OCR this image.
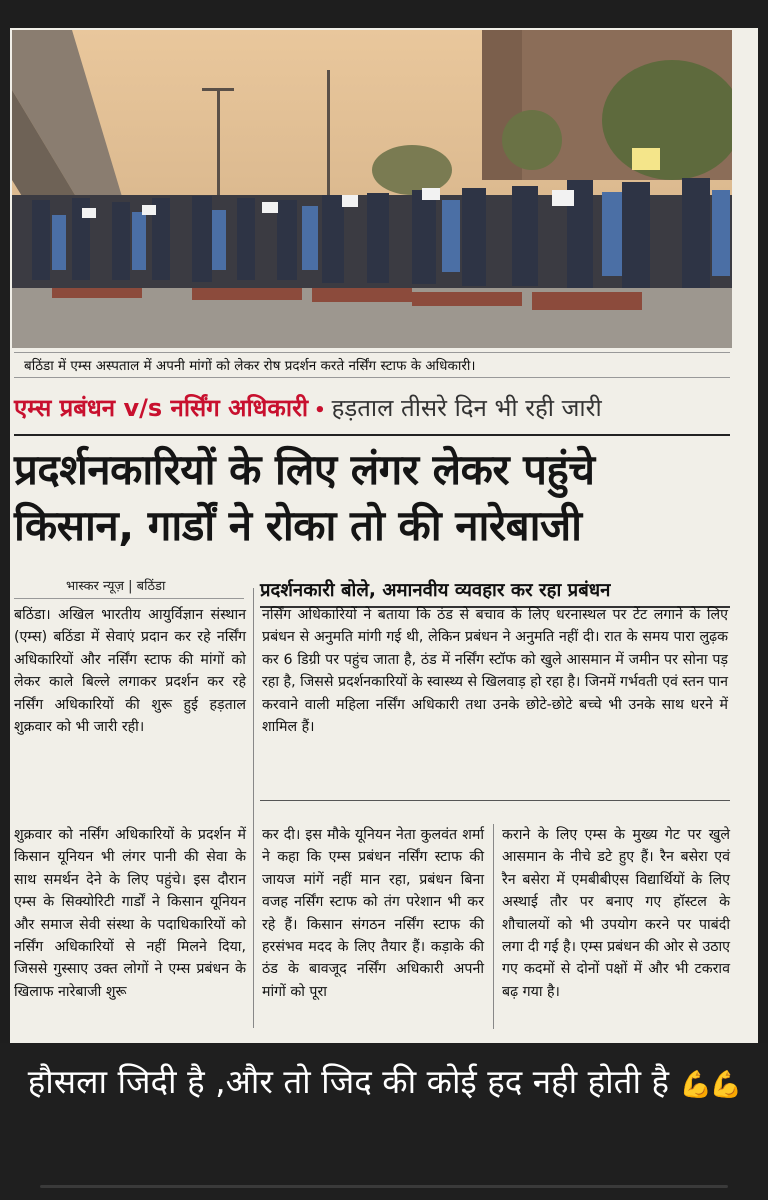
बठिंडा में एम्स अस्पताल में अपनी मांगों को लेकर रोष प्रदर्शन करते नर्सिंग स्टाफ के अधिकारी।
एम्स प्रबंधन v/s नर्सिंग अधिकारी • हड़ताल तीसरे दिन भी रही जारी
प्रदर्शनकारियों के लिए लंगर लेकर पहुंचे
किसान, गार्डों ने रोका तो की नारेबाजी
भास्कर न्यूज़ | बठिंडा	प्रदर्शनकारी बोले, अमानवीय व्यवहार कर रहा प्रबंधन

बठिंडा। अखिल भारतीय आयुर्विज्ञान संस्थान (एम्स) बठिंडा में सेवाएं प्रदान कर रहे नर्सिंग अधिकारियों और नर्सिंग स्टाफ की मांगों को लेकर काले बिल्ले लगाकर प्रदर्शन कर रहे नर्सिंग अधिकारियों की शुरू हुई हड़ताल शुक्रवार को भी जारी रही।

नर्सिंग अधिकारियों ने बताया कि ठंड से बचाव के लिए धरनास्थल पर टेंट लगाने के लिए प्रबंधन से अनुमति मांगी गई थी, लेकिन प्रबंधन ने अनुमति नहीं दी। रात के समय पारा लुढ़क कर 6 डिग्री पर पहुंच जाता है, ठंड में नर्सिंग स्टॉफ को खुले आसमान में जमीन पर सोना पड़ रहा है, जिससे प्रदर्शनकारियों के स्वास्थ्य से खिलवाड़ हो रहा है। जिनमें गर्भवती एवं स्तन पान करवाने वाली महिला नर्सिंग अधिकारी तथा उनके छोटे-छोटे बच्चे भी उनके साथ धरने में शामिल हैं।

शुक्रवार को नर्सिंग अधिकारियों के प्रदर्शन में किसान यूनियन भी लंगर पानी की सेवा के साथ समर्थन देने के लिए पहुंचे। इस दौरान एम्स के सिक्योरिटी गार्डों ने किसान यूनियन और समाज सेवी संस्था के पदाधिकारियों को नर्सिंग अधिकारियों से नहीं मिलने दिया, जिससे गुस्साए उक्त लोगों ने एम्स प्रबंधन के खिलाफ नारेबाजी शुरू

कर दी। इस मौके यूनियन नेता कुलवंत शर्मा ने कहा कि एम्स प्रबंधन नर्सिंग स्टाफ की जायज मांगें नहीं मान रहा, प्रबंधन बिना वजह नर्सिंग स्टाफ को तंग परेशान भी कर रहे हैं। किसान संगठन नर्सिंग स्टाफ की हरसंभव मदद के लिए तैयार हैं। कड़ाके की ठंड के बावजूद नर्सिंग अधिकारी अपनी मांगों को पूरा

कराने के लिए एम्स के मुख्य गेट पर खुले आसमान के नीचे डटे हुए हैं। रैन बसेरा एवं रैन बसेरा में एमबीबीएस विद्यार्थियों के लिए अस्थाई तौर पर बनाए गए हॉस्टल के शौचालयों को भी उपयोग करने पर पाबंदी लगा दी गई है। एम्स प्रबंधन की ओर से उठाए गए कदमों से दोनों पक्षों में और भी टकराव बढ़ गया है।

हौसला जिदी है ,और तो जिद की कोई हद नही होती है 💪💪
